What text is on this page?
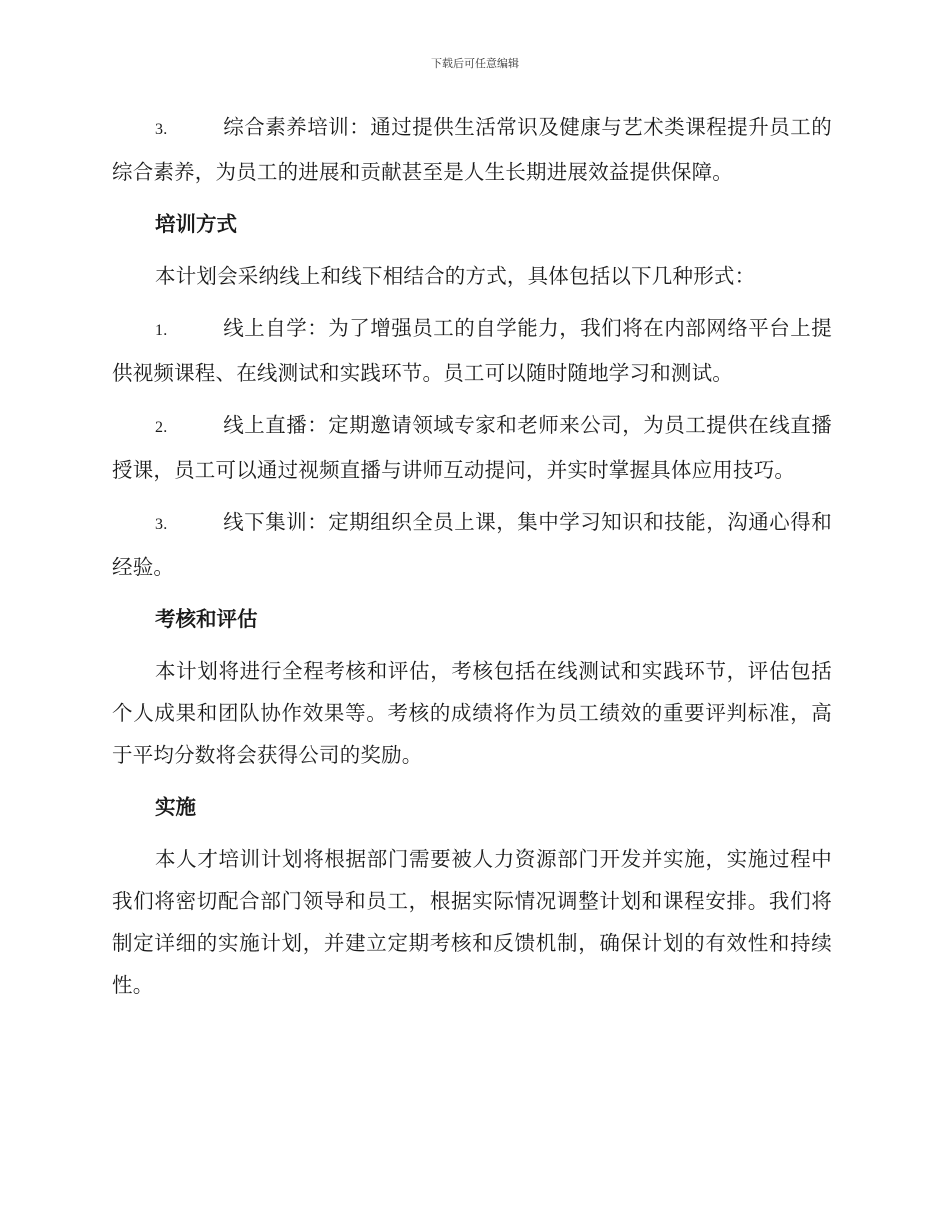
下载后可任意编辑

3.	综合素养培训：通过提供生活常识及健康与艺术类课程提升员工的综合素养，为员工的进展和贡献甚至是人生长期进展效益提供保障。

培训方式

本计划会采纳线上和线下相结合的方式，具体包括以下几种形式：

1.	线上自学：为了增强员工的自学能力，我们将在内部网络平台上提供视频课程、在线测试和实践环节。员工可以随时随地学习和测试。

2.	线上直播：定期邀请领域专家和老师来公司，为员工提供在线直播授课，员工可以通过视频直播与讲师互动提问，并实时掌握具体应用技巧。

3.	线下集训：定期组织全员上课，集中学习知识和技能，沟通心得和经验。

考核和评估

本计划将进行全程考核和评估，考核包括在线测试和实践环节，评估包括个人成果和团队协作效果等。考核的成绩将作为员工绩效的重要评判标准，高于平均分数将会获得公司的奖励。

实施

本人才培训计划将根据部门需要被人力资源部门开发并实施，实施过程中我们将密切配合部门领导和员工，根据实际情况调整计划和课程安排。我们将制定详细的实施计划，并建立定期考核和反馈机制，确保计划的有效性和持续性。
